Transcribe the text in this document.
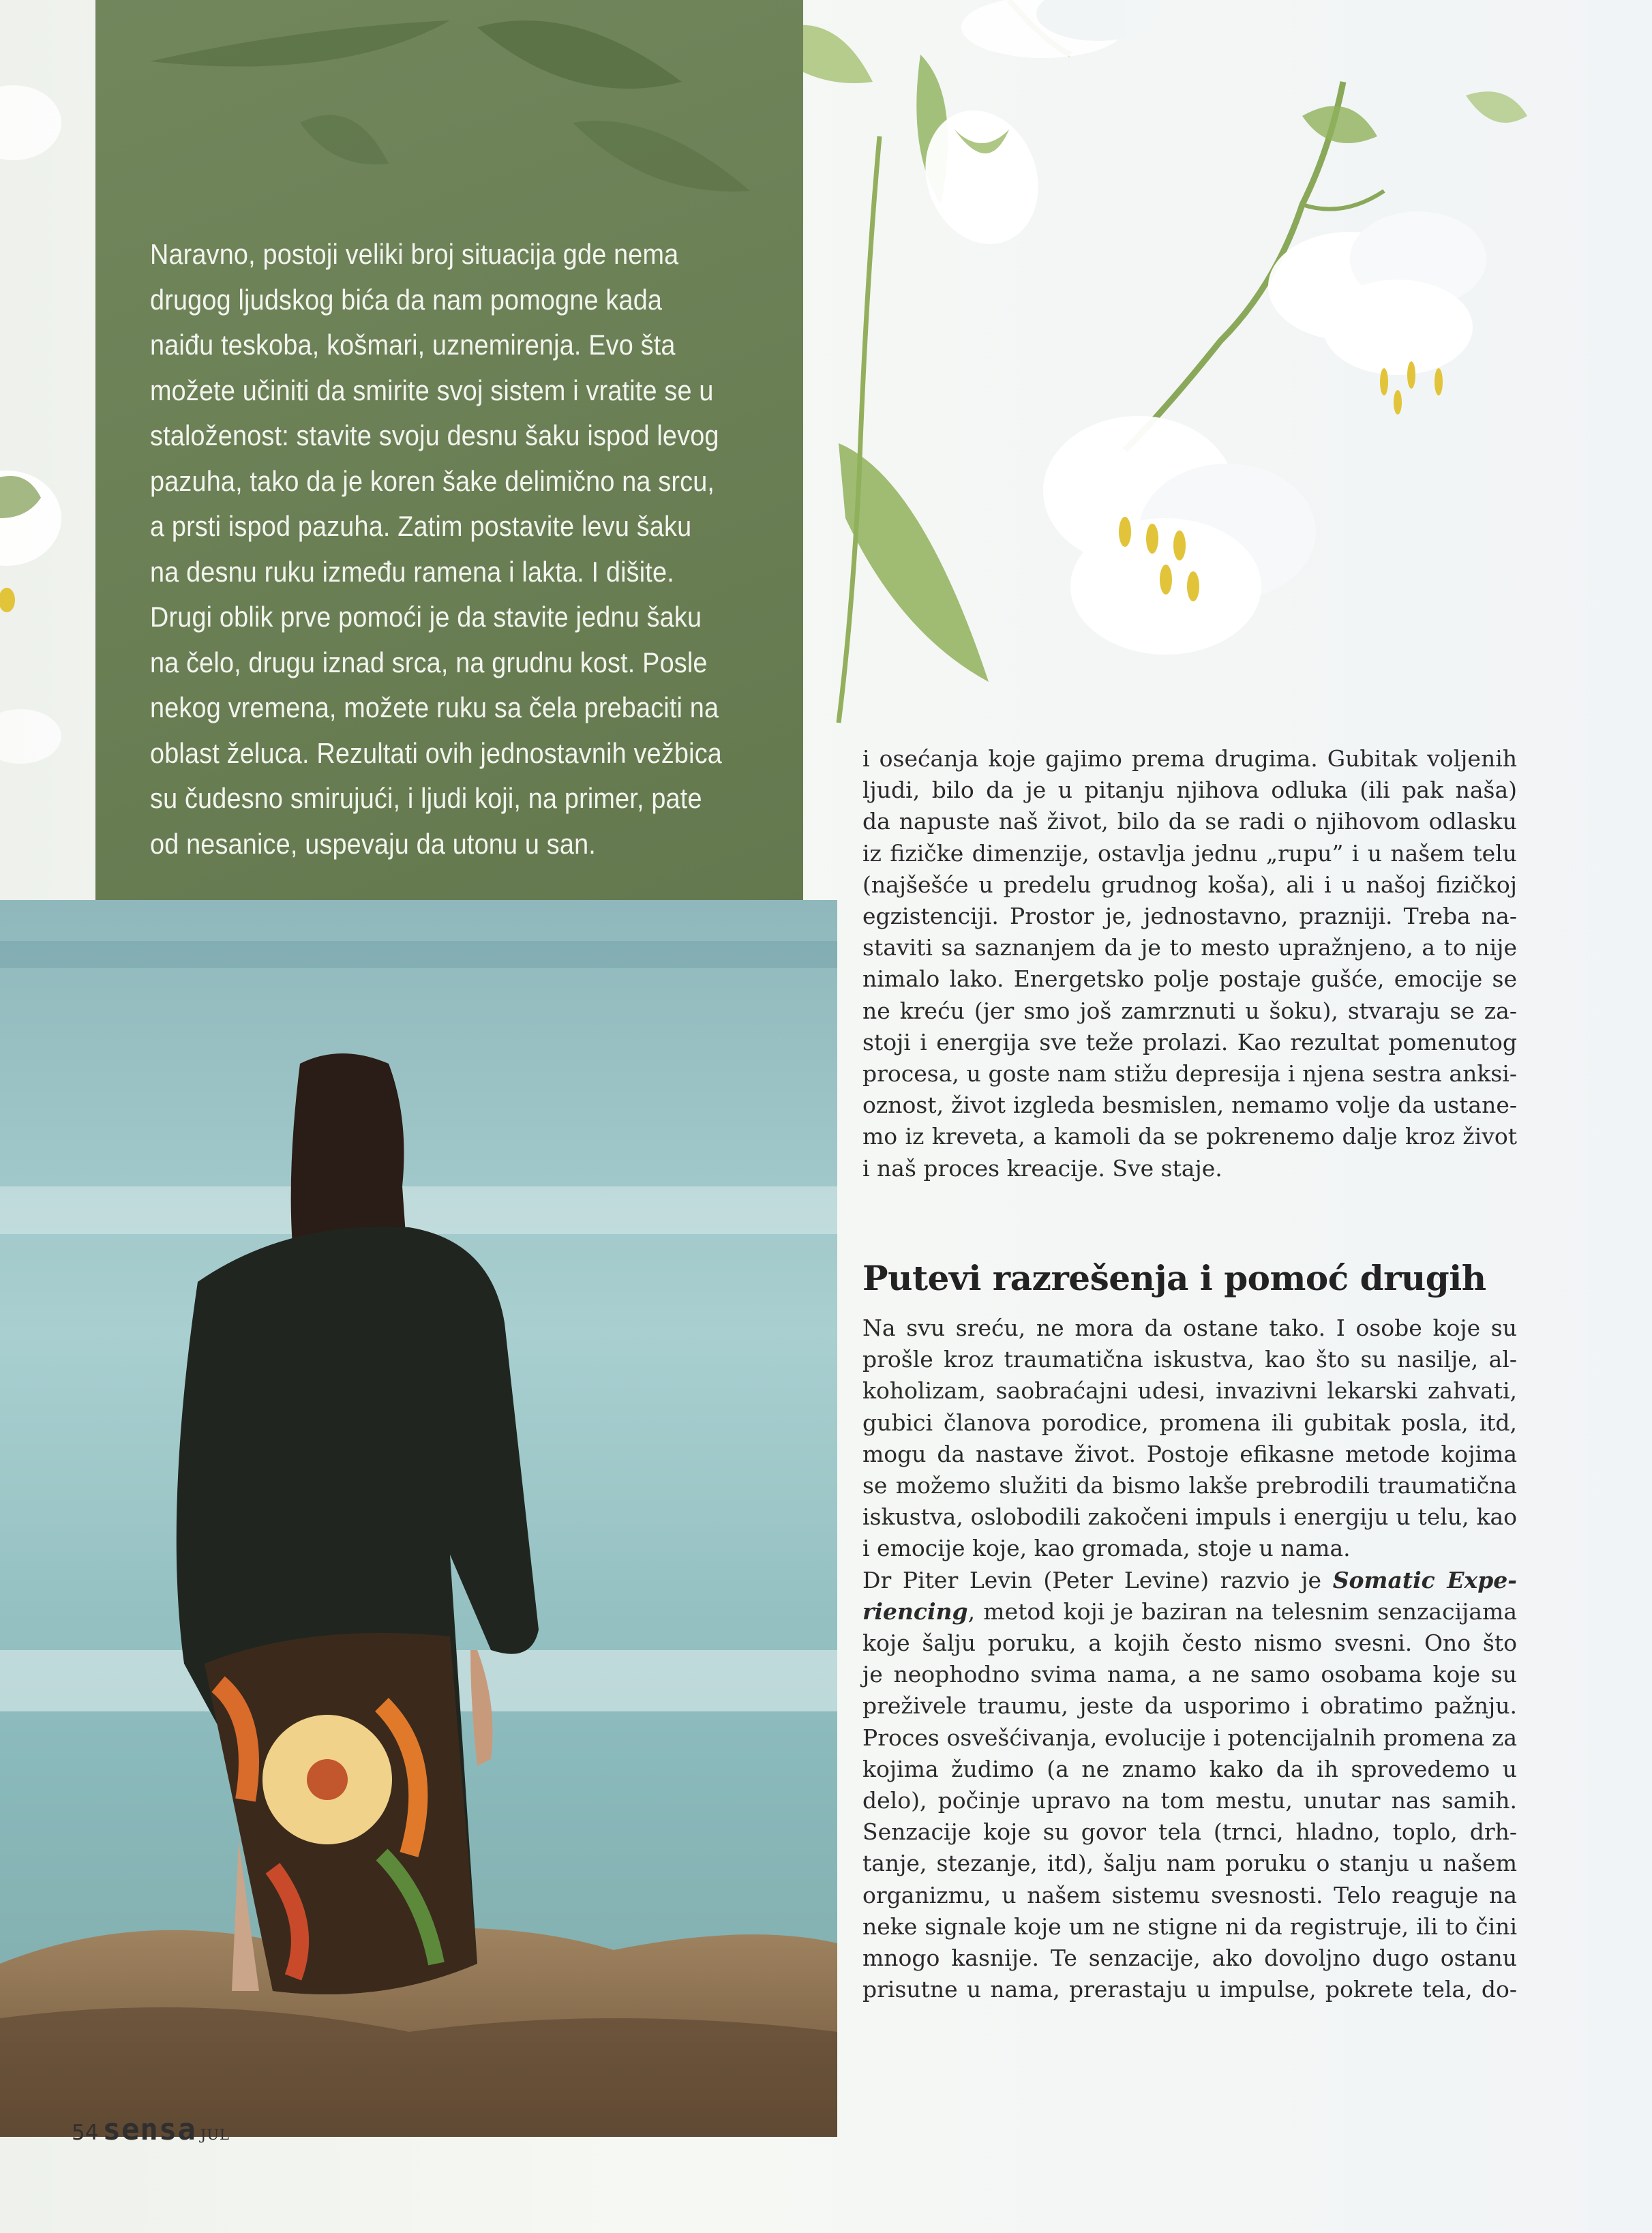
Naravno, postoji veliki broj situacija gde nema

drugog ljudskog bića da nam pomogne kada

naiđu teskoba, košmari, uznemirenja. Evo šta

možete učiniti da smirite svoj sistem i vratite se u

staloženost: stavite svoju desnu šaku ispod levog

pazuha, tako da je koren šake delimično na srcu,

a prsti ispod pazuha. Zatim postavite levu šaku

na desnu ruku između ramena i lakta. I dišite.

Drugi oblik prve pomoći je da stavite jednu šaku

na čelo, drugu iznad srca, na grudnu kost. Posle

nekog vremena, možete ruku sa čela prebaciti na

oblast želuca. Rezultati ovih jednostavnih vežbica

su čudesno smirujući, i ljudi koji, na primer, pate

od nesanice, uspevaju da utonu u san.

i osećanja koje gajimo prema drugima. Gubitak voljenih

ljudi, bilo da je u pitanju njihova odluka (ili pak naša)

da napuste naš život, bilo da se radi o njihovom odlasku

iz fizičke dimenzije, ostavlja jednu „rupu” i u našem telu

(najšešće u predelu grudnog koša), ali i u našoj fizičkoj

egzistenciji. Prostor je, jednostavno, prazniji. Treba na-

staviti sa saznanjem da je to mesto upražnjeno, a to nije

nimalo lako. Energetsko polje postaje gušće, emocije se

ne kreću (jer smo još zamrznuti u šoku), stvaraju se za-

stoji i energija sve teže prolazi. Kao rezultat pomenutog

procesa, u goste nam stižu depresija i njena sestra anksi-

oznost, život izgleda besmislen, nemamo volje da ustane-

mo iz kreveta, a kamoli da se pokrenemo dalje kroz život

i naš proces kreacije. Sve staje.

Putevi razrešenja i pomoć drugih

Na svu sreću, ne mora da ostane tako. I osobe koje su

prošle kroz traumatična iskustva, kao što su nasilje, al-

koholizam, saobraćajni udesi, invazivni lekarski zahvati,

gubici članova porodice, promena ili gubitak posla, itd,

mogu da nastave život. Postoje efikasne metode kojima

se možemo služiti da bismo lakše prebrodili traumatična

iskustva, oslobodili zakočeni impuls i energiju u telu, kao

i emocije koje, kao gromada, stoje u nama.

Dr Piter Levin (Peter Levine) razvio je Somatic Expe-

riencing, metod koji je baziran na telesnim senzacijama

koje šalju poruku, a kojih često nismo svesni. Ono što

je neophodno svima nama, a ne samo osobama koje su

preživele traumu, jeste da usporimo i obratimo pažnju.

Proces osvešćivanja, evolucije i potencijalnih promena za

kojima žudimo (a ne znamo kako da ih sprovedemo u

delo), počinje upravo na tom mestu, unutar nas samih.

Senzacije koje su govor tela (trnci, hladno, toplo, drh-

tanje, stezanje, itd), šalju nam poruku o stanju u našem

organizmu, u našem sistemu svesnosti. Telo reaguje na

neke signale koje um ne stigne ni da registruje, ili to čini

mnogo kasnije. Te senzacije, ako dovoljno dugo ostanu

prisutne u nama, prerastaju u impulse, pokrete tela, do-

54 sensa JUL
